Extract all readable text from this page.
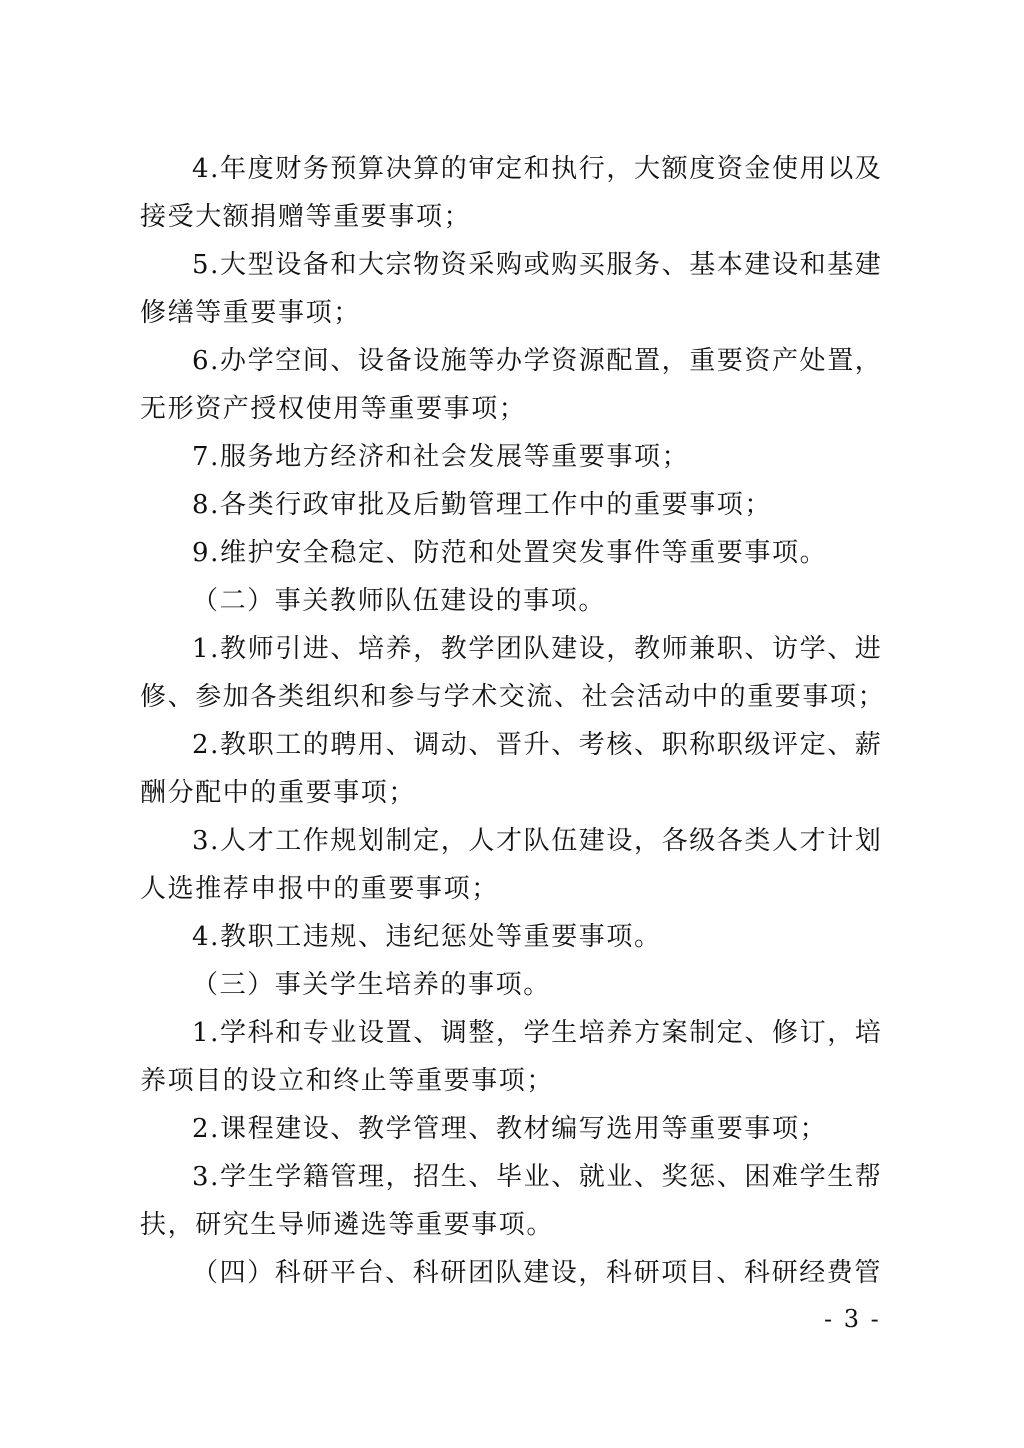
4.年度财务预算决算的审定和执行，大额度资金使用以及
接受大额捐赠等重要事项；
5.大型设备和大宗物资采购或购买服务、基本建设和基建
修缮等重要事项；
6.办学空间、设备设施等办学资源配置，重要资产处置，
无形资产授权使用等重要事项；
7.服务地方经济和社会发展等重要事项；
8.各类行政审批及后勤管理工作中的重要事项；
9.维护安全稳定、防范和处置突发事件等重要事项。
（二）事关教师队伍建设的事项。
1.教师引进、培养，教学团队建设，教师兼职、访学、进
修、参加各类组织和参与学术交流、社会活动中的重要事项；
2.教职工的聘用、调动、晋升、考核、职称职级评定、薪
酬分配中的重要事项；
3.人才工作规划制定，人才队伍建设，各级各类人才计划
人选推荐申报中的重要事项；
4.教职工违规、违纪惩处等重要事项。
（三）事关学生培养的事项。
1.学科和专业设置、调整，学生培养方案制定、修订，培
养项目的设立和终止等重要事项；
2.课程建设、教学管理、教材编写选用等重要事项；
3.学生学籍管理，招生、毕业、就业、奖惩、困难学生帮
扶，研究生导师遴选等重要事项。
（四）科研平台、科研团队建设，科研项目、科研经费管
- 3 -
